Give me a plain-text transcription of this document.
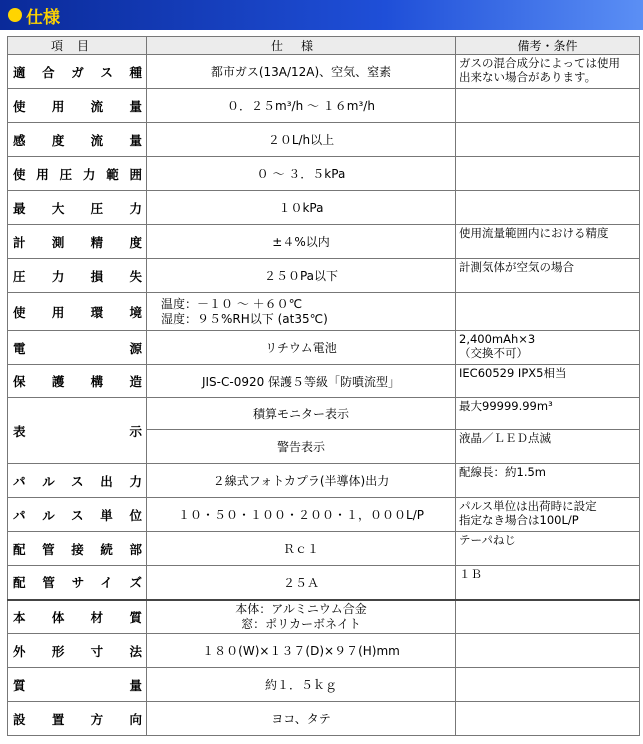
仕様
項目	仕様	備考・条件
適合ガス種	都市ガス(13A/12A)、空気、窒素	ガスの混合成分によっては使用
出来ない場合があります。
使用流量	０．２５m³/h ～ １６m³/h	
感度流量	２０L/h以上	
使用圧力範囲	０ ～ ３．５kPa	
最大圧力	１０kPa	
計測精度	±４%以内	使用流量範囲内における精度
圧力損失	２５０Pa以下	計測気体が空気の場合
使用環境	温度：－１０ ～ ＋６０℃
湿度：９５%RH以下 (at35℃)	
電源	リチウム電池	2,400mAh×3
（交換不可）
保護構造	JIS-C-0920 保護５等級「防噴流型」	IEC60529 IPX5相当
表示	積算モニター表示	最大99999.99m³
	警告表示	液晶／ＬＥＤ点滅
パルス出力	２線式フォトカプラ(半導体)出力	配線長：約1.5m
パルス単位	１０・５０・１００・２００・１，０００L/P	パルス単位は出荷時に設定
指定なき場合は100L/P
配管接続部	Ｒｃ１	テーパねじ
配管サイズ	２５Ａ	１Ｂ
本体材質	本体：アルミニウム合金
窓：ポリカーボネイト	
外形寸法	１８０(W)×１３７(D)×９７(H)mm	
質量	約１．５ｋｇ	
設置方向	ヨコ、タテ	
